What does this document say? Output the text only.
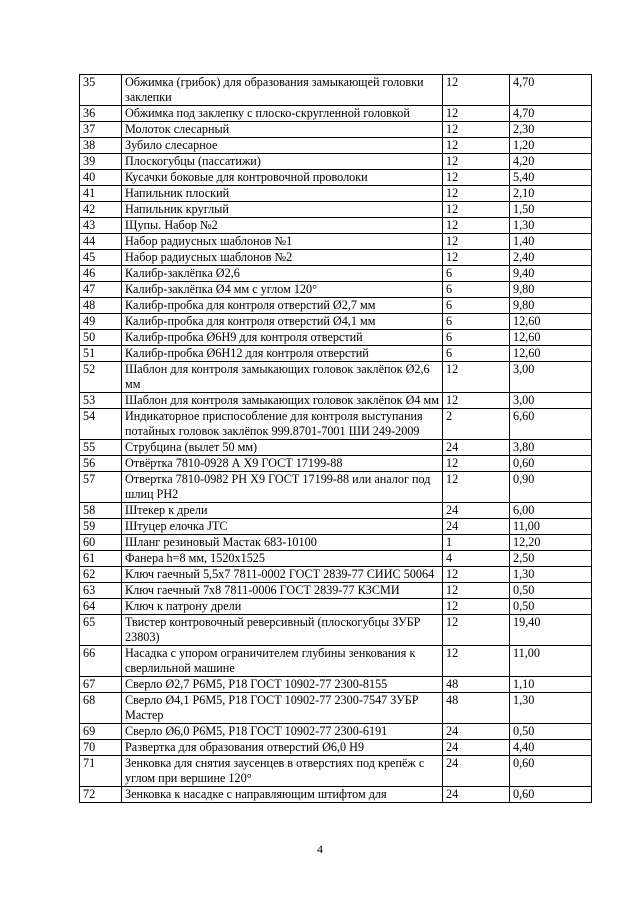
35	Обжимка (грибок) для образования замыкающей головки заклепки	12	4,70
36	Обжимка под заклепку с плоско-скругленной головкой	12	4,70
37	Молоток слесарный	12	2,30
38	Зубило слесарное	12	1,20
39	Плоскогубцы (пассатижи)	12	4,20
40	Кусачки боковые для контровочной проволоки	12	5,40
41	Напильник плоский	12	2,10
42	Напильник круглый	12	1,50
43	Щупы. Набор №2	12	1,30
44	Набор радиусных шаблонов №1	12	1,40
45	Набор радиусных шаблонов №2	12	2,40
46	Калибр-заклёпка Ø2,6	6	9,40
47	Калибр-заклёпка Ø4 мм с углом 120°	6	9,80
48	Калибр-пробка для контроля отверстий Ø2,7 мм	6	9,80
49	Калибр-пробка для контроля отверстий Ø4,1 мм	6	12,60
50	Калибр-пробка Ø6Н9 для контроля отверстий	6	12,60
51	Калибр-пробка Ø6Н12 для контроля отверстий	6	12,60
52	Шаблон для контроля замыкающих головок заклёпок Ø2,6 мм	12	3,00
53	Шаблон для контроля замыкающих головок заклёпок Ø4 мм	12	3,00
54	Индикаторное приспособление для контроля выступания потайных головок заклёпок 999.8701-7001 ШИ 249-2009	2	6,60
55	Струбцина (вылет 50 мм)	24	3,80
56	Отвёртка 7810-0928 А Х9 ГОСТ 17199-88	12	0,60
57	Отвертка 7810-0982 PH X9 ГОСТ 17199-88 или аналог под шлиц PH2	12	0,90
58	Штекер к дрели	24	6,00
59	Штуцер елочка JTC	24	11,00
60	Шланг резиновый Мастак 683-10100	1	12,20
61	Фанера h=8 мм, 1520х1525	4	2,50
62	Ключ гаечный 5,5х7 7811-0002 ГОСТ 2839-77 СИИС 50064	12	1,30
63	Ключ гаечный 7х8 7811-0006 ГОСТ 2839-77 КЗСМИ	12	0,50
64	Ключ к патрону дрели	12	0,50
65	Твистер контровочный реверсивный (плоскогубцы ЗУБР 23803)	12	19,40
66	Насадка с упором ограничителем глубины зенкования к сверлильной машине	12	11,00
67	Сверло Ø2,7 Р6М5, Р18 ГОСТ 10902-77 2300-8155	48	1,10
68	Сверло Ø4,1 Р6М5, Р18 ГОСТ 10902-77 2300-7547 ЗУБР Мастер	48	1,30
69	Сверло Ø6,0 Р6М5, Р18 ГОСТ 10902-77 2300-6191	24	0,50
70	Развертка для образования отверстий Ø6,0 Н9	24	4,40
71	Зенковка для снятия заусенцев в отверстиях под крепёж с углом при вершине 120°	24	0,60
72	Зенковка к насадке с направляющим штифтом для	24	0,60
4
